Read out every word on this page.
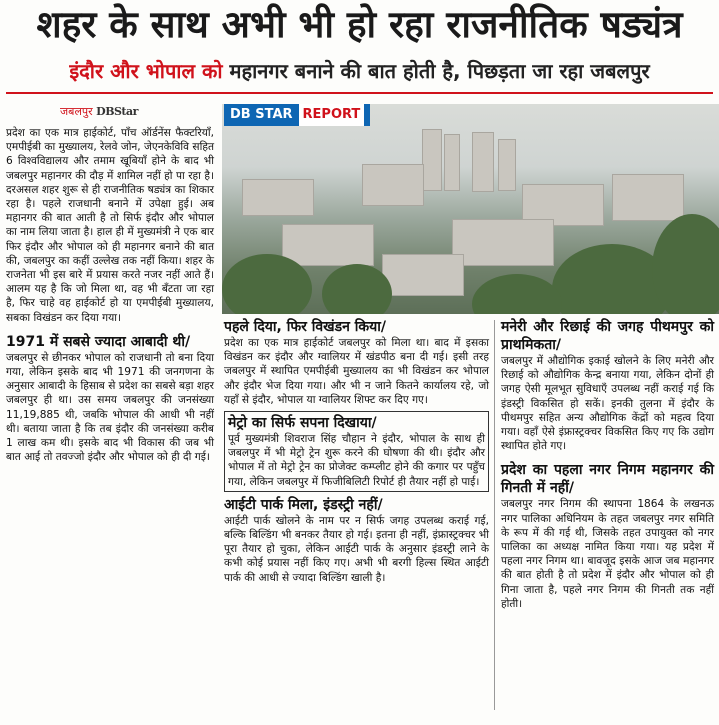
शहर के साथ अभी भी हो रहा राजनीतिक षड्यंत्र
इंदौर और भोपाल को महानगर बनाने की बात होती है, पिछड़ता जा रहा जबलपुर
जबलपुर DBStar	DB STAR REPORT

प्रदेश का एक मात्र हाईकोर्ट, पाँच ऑर्डनेंस फैक्टरियाँ, एमपीईबी का मुख्यालय, रेलवे जोन, जेएनकेविवि सहित 6 विश्वविद्यालय और तमाम खूबियाँ होने के बाद भी जबलपुर महानगर की दौड़ में शामिल नहीं हो पा रहा है। दरअसल शहर शुरू से ही राजनीतिक षड्यंत्र का शिकार रहा है। पहले राजधानी बनाने में उपेक्षा हुई। अब महानगर की बात आती है तो सिर्फ इंदौर और भोपाल का नाम लिया जाता है। हाल ही में मुख्यमंत्री ने एक बार फिर इंदौर और भोपाल को ही महानगर बनाने की बात की, जबलपुर का कहीं उल्लेख तक नहीं किया। शहर के राजनेता भी इस बारे में प्रयास करते नजर नहीं आते हैं। आलम यह है कि जो मिला था, वह भी बँटता जा रहा है, फिर चाहे वह हाईकोर्ट हो या एमपीईबी मुख्यालय, सबका विखंडन कर दिया गया।

1971 में सबसे ज्यादा आबादी थी/

जबलपुर से छीनकर भोपाल को राजधानी तो बना दिया गया, लेकिन इसके बाद भी 1971 की जनगणना के अनुसार आबादी के हिसाब से प्रदेश का सबसे बड़ा शहर जबलपुर ही था। उस समय जबलपुर की जनसंख्या 11,19,885 थी, जबकि भोपाल की आधी भी नहीं थी। बताया जाता है कि तब इंदौर की जनसंख्या करीब 1 लाख कम थी। इसके बाद भी विकास की जब भी बात आई तो तवज्जो इंदौर और भोपाल को ही दी गई।

पहले दिया, फिर विखंडन किया/

प्रदेश का एक मात्र हाईकोर्ट जबलपुर को मिला था। बाद में इसका विखंडन कर इंदौर और ग्वालियर में खंडपीठ बना दी गई। इसी तरह जबलपुर में स्थापित एमपीईबी मुख्यालय का भी विखंडन कर भोपाल और इंदौर भेज दिया गया। और भी न जाने कितने कार्यालय रहे, जो यहाँ से इंदौर, भोपाल या ग्वालियर शिफ्ट कर दिए गए।

मेट्रो का सिर्फ सपना दिखाया/

पूर्व मुख्यमंत्री शिवराज सिंह चौहान ने इंदौर, भोपाल के साथ ही जबलपुर में भी मेट्रो ट्रेन शुरू करने की घोषणा की थी। इंदौर और भोपाल में तो मेट्रो ट्रेन का प्रोजेक्ट कम्प्लीट होने की कगार पर पहुँच गया, लेकिन जबलपुर में फिजीबिलिटी रिपोर्ट ही तैयार नहीं हो पाई।

आईटी पार्क मिला, इंडस्ट्री नहीं/

आईटी पार्क खोलने के नाम पर न सिर्फ जगह उपलब्ध कराई गई, बल्कि बिल्डिंग भी बनकर तैयार हो गई। इतना ही नहीं, इंफ्रास्ट्रक्चर भी पूरा तैयार हो चुका, लेकिन आईटी पार्क के अनुसार इंडस्ट्री लाने के कभी कोई प्रयास नहीं किए गए। अभी भी बरगी हिल्स स्थित आईटी पार्क की आधी से ज्यादा बिल्डिंग खाली है।

मनेरी और रिछाई की जगह पीथमपुर को प्राथमिकता/

जबलपुर में औद्योगिक इकाई खोलने के लिए मनेरी और रिछाई को औद्योगिक केन्द्र बनाया गया, लेकिन दोनों ही जगह ऐसी मूलभूत सुविधाएँ उपलब्ध नहीं कराई गई कि इंडस्ट्री विकसित हो सकें। इनकी तुलना में इंदौर के पीथमपुर सहित अन्य औद्योगिक केंद्रों को महत्व दिया गया। वहाँ ऐसे इंफ्रास्ट्रक्चर विकसित किए गए कि उद्योग स्थापित होते गए।

प्रदेश का पहला नगर निगम महानगर की गिनती में नहीं/

जबलपुर नगर निगम की स्थापना 1864 के लखनऊ नगर पालिका अधिनियम के तहत जबलपुर नगर समिति के रूप में की गई थी, जिसके तहत उपायुक्त को नगर पालिका का अध्यक्ष नामित किया गया। यह प्रदेश में पहला नगर निगम था। बावजूद इसके आज जब महानगर की बात होती है तो प्रदेश में इंदौर और भोपाल को ही गिना जाता है, पहले नगर निगम की गिनती तक नहीं होती।
